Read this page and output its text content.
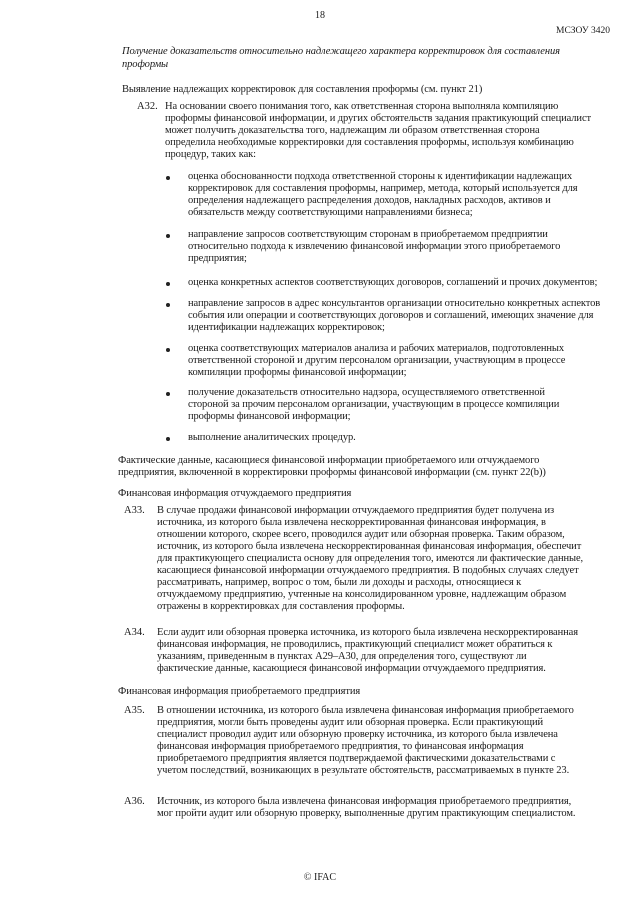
18
МСЗОУ 3420
Получение доказательств относительно надлежащего характера корректировок для составления
проформы
Выявление надлежащих корректировок для составления проформы (см. пункт 21)
A32. На основании своего понимания того, как ответственная сторона выполняла компиляцию
проформы финансовой информации, и других обстоятельств задания практикующий специалист
может получить доказательства того, надлежащим ли образом ответственная сторона
определила необходимые корректировки для составления проформы, используя комбинацию
процедур, таких как:
оценка обоснованности подхода ответственной стороны к идентификации надлежащих
корректировок для составления проформы, например, метода, который используется для
определения надлежащего распределения доходов, накладных расходов, активов и
обязательств между соответствующими направлениями бизнеса;
направление запросов соответствующим сторонам в приобретаемом предприятии
относительно подхода к извлечению финансовой информации этого приобретаемого
предприятия;
оценка конкретных аспектов соответствующих договоров, соглашений и прочих документов;
направление запросов в адрес консультантов организации относительно конкретных аспектов
события или операции и соответствующих договоров и соглашений, имеющих значение для
идентификации надлежащих корректировок;
оценка соответствующих материалов анализа и рабочих материалов, подготовленных
ответственной стороной и другим персоналом организации, участвующим в процессе
компиляции проформы финансовой информации;
получение доказательств относительно надзора, осуществляемого ответственной
стороной за прочим персоналом организации, участвующим в процессе компиляции
проформы финансовой информации;
выполнение аналитических процедур.
Фактические данные, касающиеся финансовой информации приобретаемого или отчуждаемого
предприятия, включенной в корректировки проформы финансовой информации (см. пункт 22(b))
Финансовая информация отчуждаемого предприятия
A33. В случае продажи финансовой информации отчуждаемого предприятия будет получена из
источника, из которого была извлечена нескорректированная финансовая информация, в
отношении которого, скорее всего, проводился аудит или обзорная проверка. Таким образом,
источник, из которого была извлечена нескорректированная финансовая информация, обеспечит
для практикующего специалиста основу для определения того, имеются ли фактические данные,
касающиеся финансовой информации отчуждаемого предприятия. В подобных случаях следует
рассматривать, например, вопрос о том, были ли доходы и расходы, относящиеся к
отчуждаемому предприятию, учтенные на консолидированном уровне, надлежащим образом
отражены в корректировках для составления проформы.
A34. Если аудит или обзорная проверка источника, из которого была извлечена нескорректированная
финансовая информация, не проводились, практикующий специалист может обратиться к
указаниям, приведенным в пунктах A29–A30, для определения того, существуют ли
фактические данные, касающиеся финансовой информации отчуждаемого предприятия.
Финансовая информация приобретаемого предприятия
A35. В отношении источника, из которого была извлечена финансовая информация приобретаемого
предприятия, могли быть проведены аудит или обзорная проверка. Если практикующий
специалист проводил аудит или обзорную проверку источника, из которого была извлечена
финансовая информация приобретаемого предприятия, то финансовая информация
приобретаемого предприятия является подтверждаемой фактическими доказательствами с
учетом последствий, возникающих в результате обстоятельств, рассматриваемых в пункте 23.
A36. Источник, из которого была извлечена финансовая информация приобретаемого предприятия,
мог пройти аудит или обзорную проверку, выполненные другим практикующим специалистом.
© IFAC
